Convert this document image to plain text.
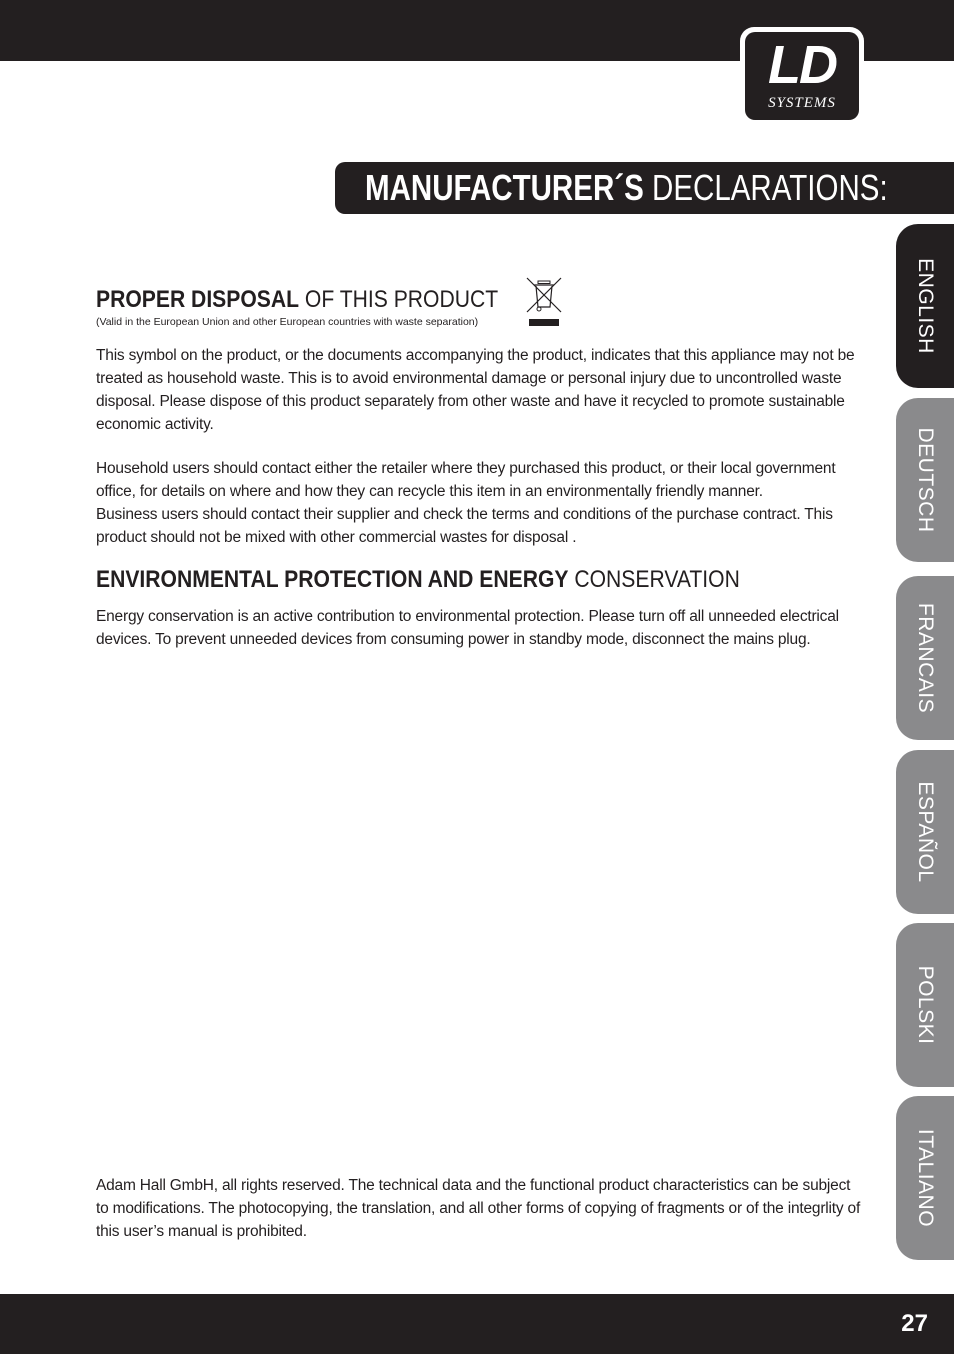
LD
SYSTEMS
MANUFACTURER´S DECLARATIONS:
ENGLISH
DEUTSCH
FRANCAIS
ESPAÑOL
POLSKI
ITALIANO
PROPER DISPOSAL OF THIS PRODUCT
(Valid in the European Union and other European countries with waste separation)

This symbol on the product, or the documents accompanying the product, indicates that this appliance may not be treated as household waste. This is to avoid environmental damage or personal injury due to uncontrolled waste disposal. Please dispose of this product separately from other waste and have it recycled to promote sustainable economic activity.

Household users should contact either the retailer where they purchased this product, or their local government office, for details on where and how they can recycle this item in an environmentally friendly manner.

Business users should contact their supplier and check the terms and conditions of the purchase contract. This product should not be mixed with other commercial wastes for disposal .

ENVIRONMENTAL PROTECTION AND ENERGY CONSERVATION

Energy conservation is an active contribution to environmental protection. Please turn off all unneeded electrical devices. To prevent unneeded devices from consuming power in standby mode, disconnect the mains plug.

Adam Hall GmbH, all rights reserved. The technical data and the functional product characteristics can be subject to modifications. The photocopying, the translation, and all other forms of copying of fragments or of the integrlity of this user’s manual is prohibited.

27
